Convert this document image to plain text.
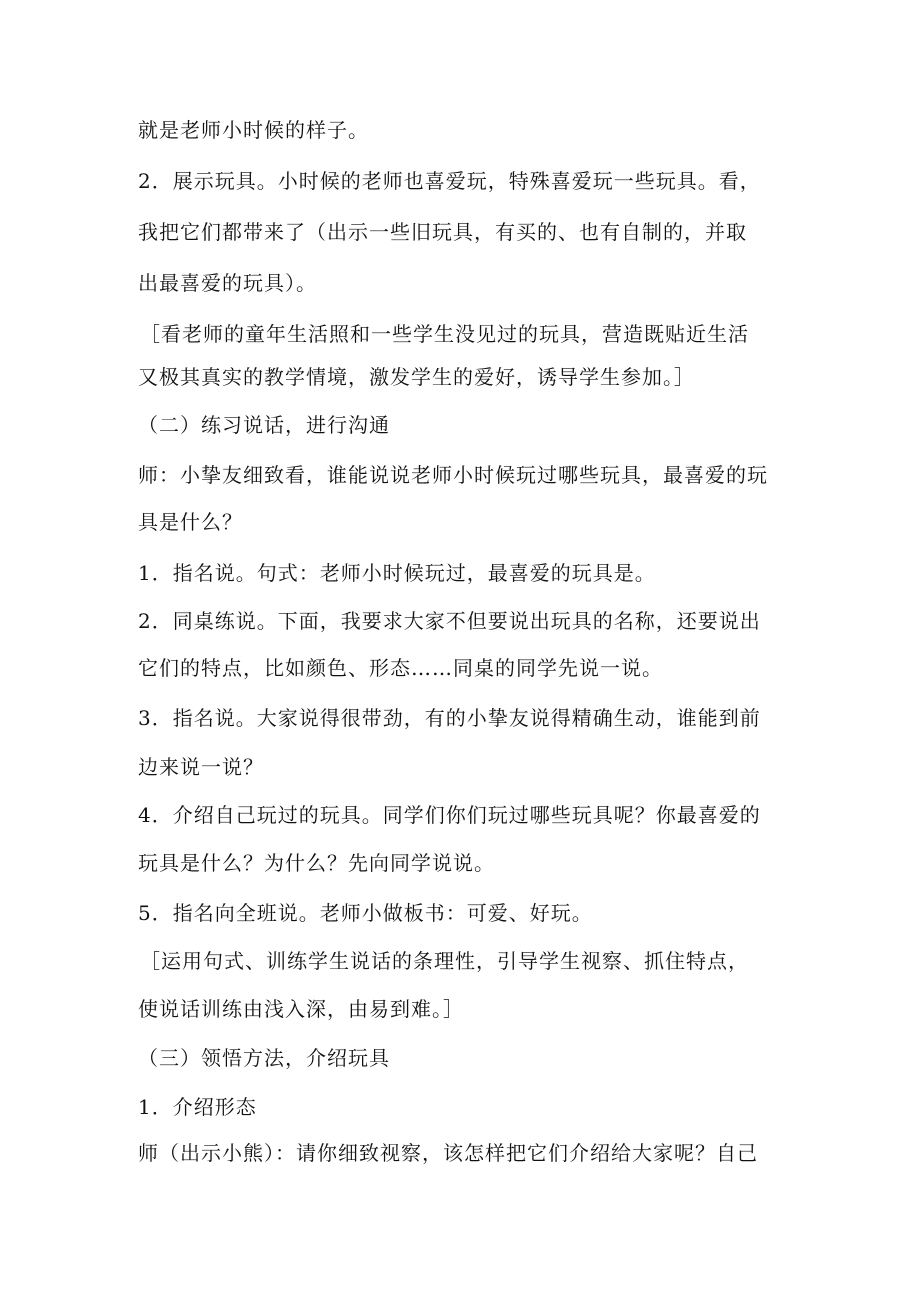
就是老师小时候的样子。
2．展示玩具。小时候的老师也喜爱玩，特殊喜爱玩一些玩具。看，
我把它们都带来了（出示一些旧玩具，有买的、也有自制的，并取
出最喜爱的玩具）。
［看老师的童年生活照和一些学生没见过的玩具，营造既贴近生活
又极其真实的教学情境，激发学生的爱好，诱导学生参加。］
（二）练习说话，进行沟通
师：小挚友细致看，谁能说说老师小时候玩过哪些玩具，最喜爱的玩
具是什么？
1．指名说。句式：老师小时候玩过，最喜爱的玩具是。
2．同桌练说。下面，我要求大家不但要说出玩具的名称，还要说出
它们的特点，比如颜色、形态……同桌的同学先说一说。
3．指名说。大家说得很带劲，有的小挚友说得精确生动，谁能到前
边来说一说？
4．介绍自己玩过的玩具。同学们你们玩过哪些玩具呢？你最喜爱的
玩具是什么？为什么？先向同学说说。
5．指名向全班说。老师小做板书：可爱、好玩。
［运用句式、训练学生说话的条理性，引导学生视察、抓住特点，
使说话训练由浅入深，由易到难。］
（三）领悟方法，介绍玩具
1．介绍形态
师（出示小熊）：请你细致视察，该怎样把它们介绍给大家呢？自己
